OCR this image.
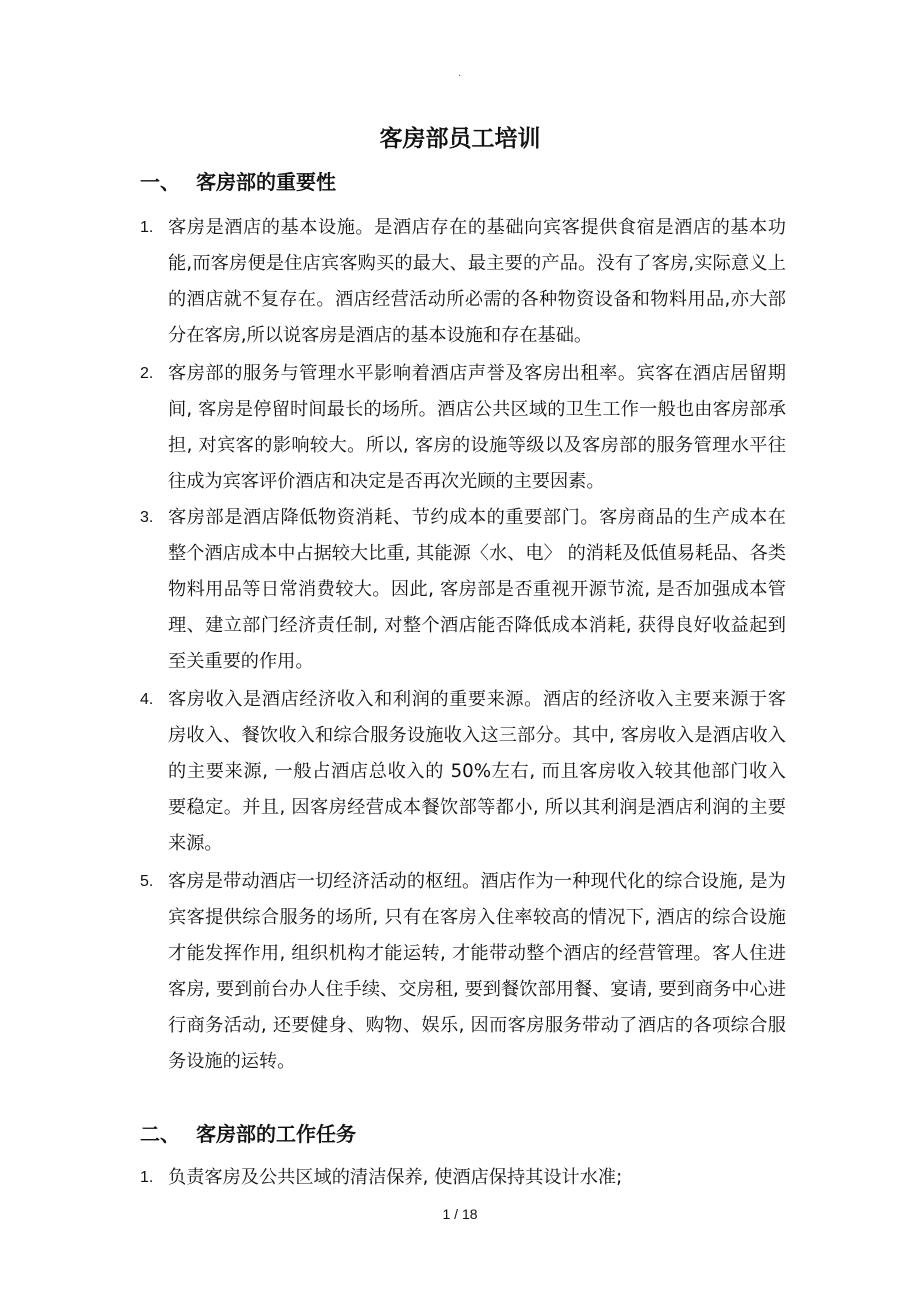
.
客房部员工培训
一、 客房部的重要性
1. 客房是酒店的基本设施。是酒店存在的基础向宾客提供食宿是酒店的基本功
能,而客房便是住店宾客购买的最大、最主要的产品。没有了客房,实际意义上
的酒店就不复存在。酒店经营活动所必需的各种物资设备和物料用品,亦大部
分在客房,所以说客房是酒店的基本设施和存在基础。
2. 客房部的服务与管理水平影响着酒店声誉及客房出租率。宾客在酒店居留期
间, 客房是停留时间最长的场所。酒店公共区域的卫生工作一般也由客房部承
担, 对宾客的影响较大。所以, 客房的设施等级以及客房部的服务管理水平往
往成为宾客评价酒店和决定是否再次光顾的主要因素。
3. 客房部是酒店降低物资消耗、节约成本的重要部门。客房商品的生产成本在
整个酒店成本中占据较大比重, 其能源〈水、电〉 的消耗及低值易耗品、各类
物料用品等日常消费较大。因此, 客房部是否重视开源节流, 是否加强成本管
理、建立部门经济责任制, 对整个酒店能否降低成本消耗, 获得良好收益起到
至关重要的作用。
4. 客房收入是酒店经济收入和利润的重要来源。酒店的经济收入主要来源于客
房收入、餐饮收入和综合服务设施收入这三部分。其中, 客房收入是酒店收入
的主要来源, 一般占酒店总收入的 50%左右, 而且客房收入较其他部门收入
要稳定。并且, 因客房经营成本餐饮部等都小, 所以其利润是酒店利润的主要
来源。
5. 客房是带动酒店一切经济活动的枢纽。酒店作为一种现代化的综合设施, 是为
宾客提供综合服务的场所, 只有在客房入住率较高的情况下, 酒店的综合设施
才能发挥作用, 组织机构才能运转, 才能带动整个酒店的经营管理。客人住进
客房, 要到前台办人住手续、交房租, 要到餐饮部用餐、宴请, 要到商务中心进
行商务活动, 还要健身、购物、娱乐, 因而客房服务带动了酒店的各项综合服
务设施的运转。
二、 客房部的工作任务
1. 负责客房及公共区域的清洁保养, 使酒店保持其设计水准;
1 / 18
